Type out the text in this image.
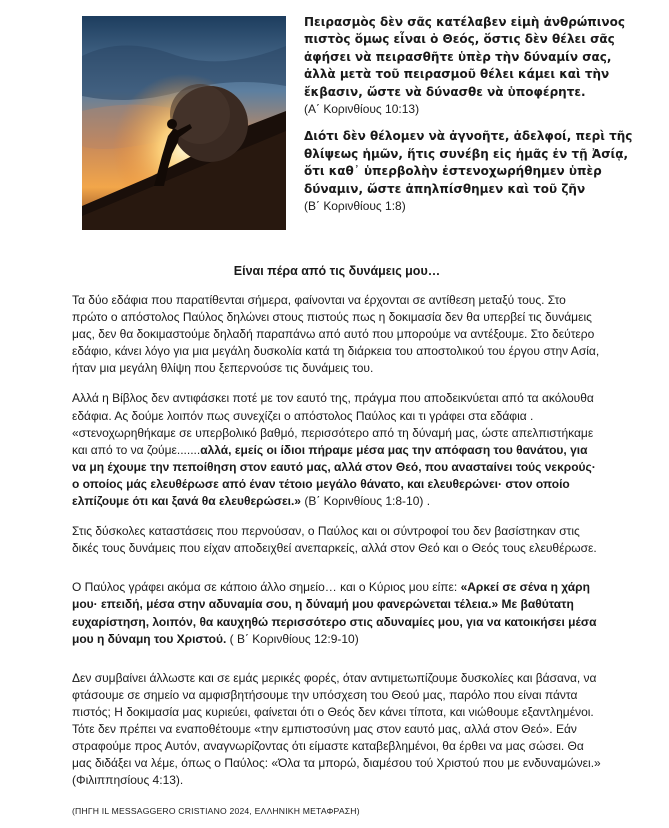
Πειρασμὸς δὲν σᾶς κατέλαβεν εἰμὴ ἀνθρώπινος πιστὸς ὅμως εἶναι ὁ Θεός, ὅστις δὲν θέλει σᾶς ἀφήσει νὰ πειρασθῆτε ὑπὲρ τὴν δύναμίν σας, ἀλλὰ μετὰ τοῦ πειρασμοῦ θέλει κάμει καὶ τὴν ἔκβασιν, ὥστε νὰ δύνασθε νὰ ὑποφέρητε.

(Α΄ Κορινθίους 10:13)

Διότι δὲν θέλομεν νὰ ἀγνοῆτε, ἀδελφοί, περὶ τῆς θλίψεως ἡμῶν, ἥτις συνέβη εἰς ἡμᾶς ἐν τῇ Ἀσίᾳ, ὅτι καθ᾿ ὑπερβολὴν ἐστενοχωρήθημεν ὑπὲρ δύναμιν, ὥστε ἀπηλπίσθημεν καὶ τοῦ ζῆν

(Β΄ Κορινθίους 1:8)

Είναι πέρα από τις δυνάμεις μου…

Τα δύο εδάφια που παρατίθενται σήμερα, φαίνονται να έρχονται σε αντίθεση μεταξύ τους. Στο πρώτο ο απόστολος Παύλος δηλώνει στους πιστούς πως η δοκιμασία δεν θα υπερβεί τις δυνάμεις μας, δεν θα δοκιμαστούμε δηλαδή παραπάνω από αυτό που μπορούμε να αντέξουμε. Στο δεύτερο εδάφιο, κάνει λόγο για μια μεγάλη δυσκολία κατά τη διάρκεια του αποστολικού του έργου στην Ασία, ήταν μια μεγάλη θλίψη που ξεπερνούσε τις δυνάμεις του.

Αλλά η Βίβλος δεν αντιφάσκει ποτέ με τον εαυτό της, πράγμα που αποδεικνύεται από τα ακόλουθα εδάφια. Ας δούμε λοιπόν πως συνεχίζει ο απόστολος Παύλος και τι γράφει στα εδάφια . «στενοχωρηθήκαμε σε υπερβολικό βαθμό, περισσότερο από τη δύναμή μας, ώστε απελπιστήκαμε και από το να ζούμε.......αλλά, εμείς οι ίδιοι πήραμε μέσα μας την απόφαση του θανάτου, για να μη έχουμε την πεποίθηση στον εαυτό μας, αλλά στον Θεό, που ανασταίνει τούς νεκρούς· ο οποίος μάς ελευθέρωσε από έναν τέτοιο μεγάλο θάνατο, και ελευθερώνει· στον οποίο ελπίζουμε ότι και ξανά θα ελευθερώσει.» (Β΄ Κορινθίους 1:8-10) .

Στις δύσκολες καταστάσεις που περνούσαν, ο Παύλος και οι σύντροφοί του δεν βασίστηκαν στις δικές τους δυνάμεις που είχαν αποδειχθεί ανεπαρκείς, αλλά στον Θεό και ο Θεός τους ελευθέρωσε.

Ο Παύλος γράφει ακόμα σε κάποιο άλλο σημείο… και ο Κύριος μου είπε: «Αρκεί σε σένα η χάρη μου· επειδή, μέσα στην αδυναμία σου, η δύναμή μου φανερώνεται τέλεια.» Με βαθύτατη ευχαρίστηση, λοιπόν, θα καυχηθώ περισσότερο στις αδυναμίες μου, για να κατοικήσει μέσα μου η δύναμη του Χριστού. ( Β΄ Κορινθίους 12:9-10)

Δεν συμβαίνει άλλωστε και σε εμάς μερικές φορές, όταν αντιμετωπίζουμε δυσκολίες και βάσανα, να φτάσουμε σε σημείο να αμφισβητήσουμε την υπόσχεση του Θεού μας, παρόλο που είναι πάντα πιστός; Η δοκιμασία μας κυριεύει, φαίνεται ότι ο Θεός δεν κάνει τίποτα, και νιώθουμε εξαντλημένοι. Τότε δεν πρέπει να εναποθέτουμε «την εμπιστοσύνη μας στον εαυτό μας, αλλά στον Θεό». Εάν στραφούμε προς Αυτόν, αναγνωρίζοντας ότι είμαστε καταβεβλημένοι, θα έρθει να μας σώσει. Θα μας διδάξει να λέμε, όπως ο Παύλος: «Όλα τα μπορώ, διαμέσου τού Χριστού που με ενδυναμώνει.» (Φιλιππησίους 4:13).

(ΠΗΓΗ IL MESSAGGERO CRISTIANO 2024, ΕΛΛΗΝΙΚΗ ΜΕΤΑΦΡΑΣΗ)
